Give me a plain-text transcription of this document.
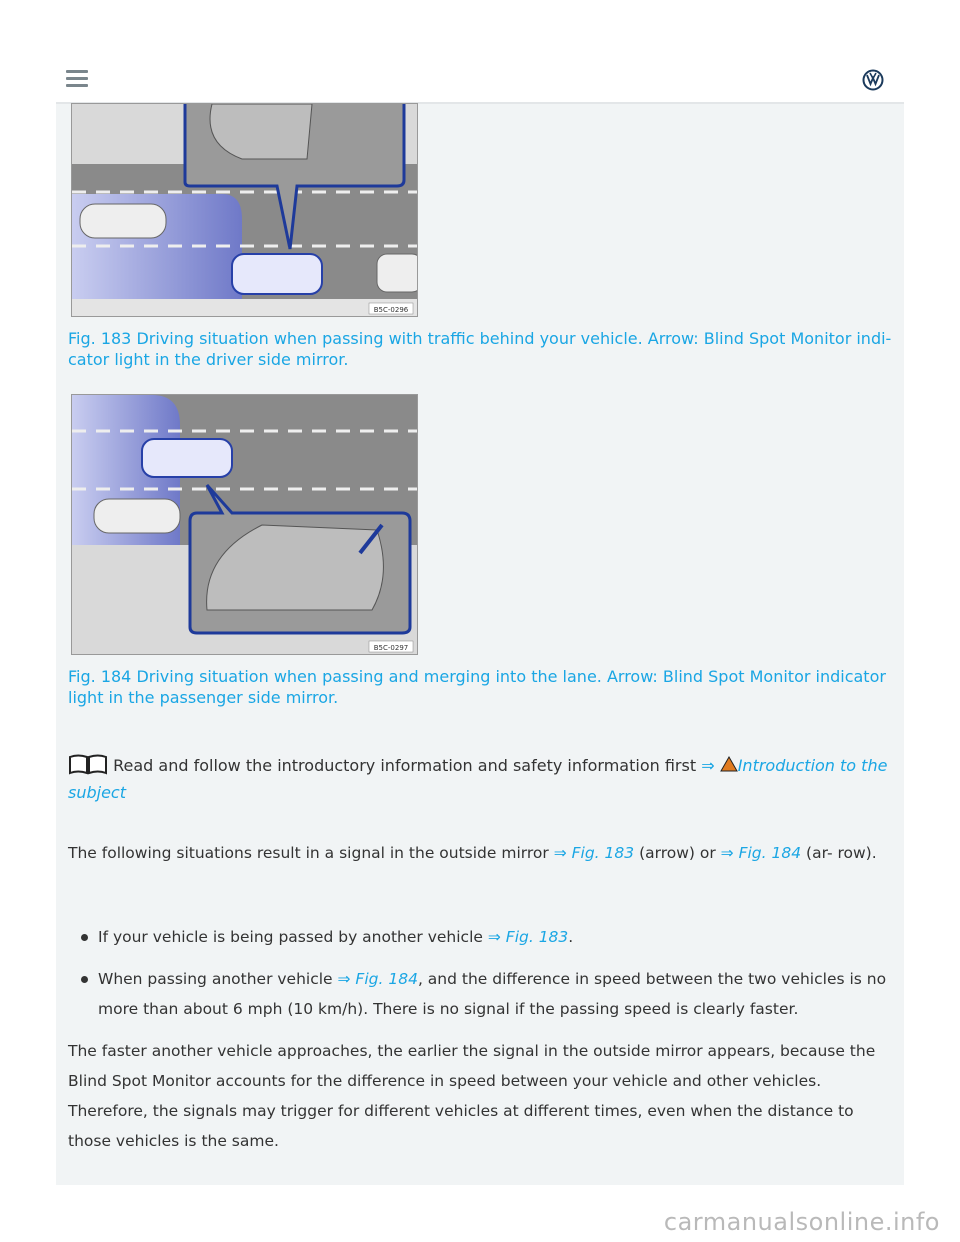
B5C-0296
Fig. 183 Driving situation when passing with traffic behind your vehicle. Arrow: Blind Spot Monitor indi- cator light in the driver side mirror.
B5C-0297
Fig. 184 Driving situation when passing and merging into the lane. Arrow: Blind Spot Monitor indicator light in the passenger side mirror.
Read and follow the introductory information and safety information first ⇒ Introduction to the subject
The following situations result in a signal in the outside mirror ⇒ Fig. 183 (arrow) or ⇒ Fig. 184 (ar- row).
If your vehicle is being passed by another vehicle ⇒ Fig. 183.
When passing another vehicle ⇒ Fig. 184, and the difference in speed between the two vehicles is no more than about 6 mph (10 km/h). There is no signal if the passing speed is clearly faster.
The faster another vehicle approaches, the earlier the signal in the outside mirror appears, because the Blind Spot Monitor accounts for the difference in speed between your vehicle and other vehicles. Therefore, the signals may trigger for different vehicles at different times, even when the distance to those vehicles is the same.
carmanualsonline.info
